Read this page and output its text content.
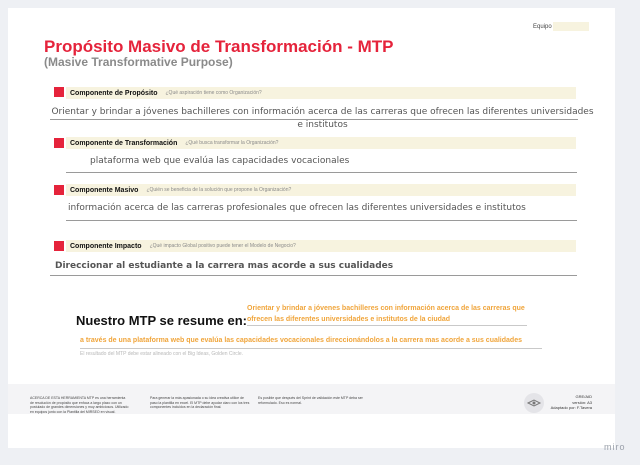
Equipo
Propósito Masivo de Transformación - MTP
(Masive Transformative Purpose)
Componente de Propósito	¿Qué aspiración tiene como Organización?
Orientar y brindar a jóvenes bachilleres con información acerca de las carreras que ofrecen las diferentes universidades e institutos
Componente de Transformación	¿Qué busca transformar la Organización?
plataforma web que evalúa las capacidades vocacionales
Componente Masivo	¿Quién se beneficia de la solución que propone la Organización?
información acerca de las carreras profesionales que ofrecen las diferentes universidades e institutos
Componente Impacto	¿Qué impacto Global positivo puede tener el Modelo de Negocio?
Direccionar al estudiante a la carrera mas acorde a sus cualidades
Nuestro MTP se resume en:
Orientar y brindar a jóvenes bachilleres con información acerca de las carreras que ofrecen las diferentes universidades e institutos de la ciudad
a través de una plataforma web que evalúa las capacidades vocacionales direccionándolos a la carrera mas acorde a sus cualidades
El resultado del MTP debe estar alineado con el Big Ideas, Golden Circle.
ACERCA DE ESTA HERRAMIENTA MTP es una herramienta de resolución de propósito que enfoca a largo plazo con un postulado de grandes dimensiones y muy ambiciosos. Utilizado en equipos junto con la Plantilla del MIRSEO en visual.
Para generar la más apasionada o su idea creativa utilice de paso la plantilla en excel. El MTP debe ayudar claro con los tres componentes incluidos en la declaración final.
Es posible que después del Sprint de validación este MTP deba ser reformulado. Eso es normal.
GRE/AID
versión: A3
Adaptado por: F.Tavera
miro
